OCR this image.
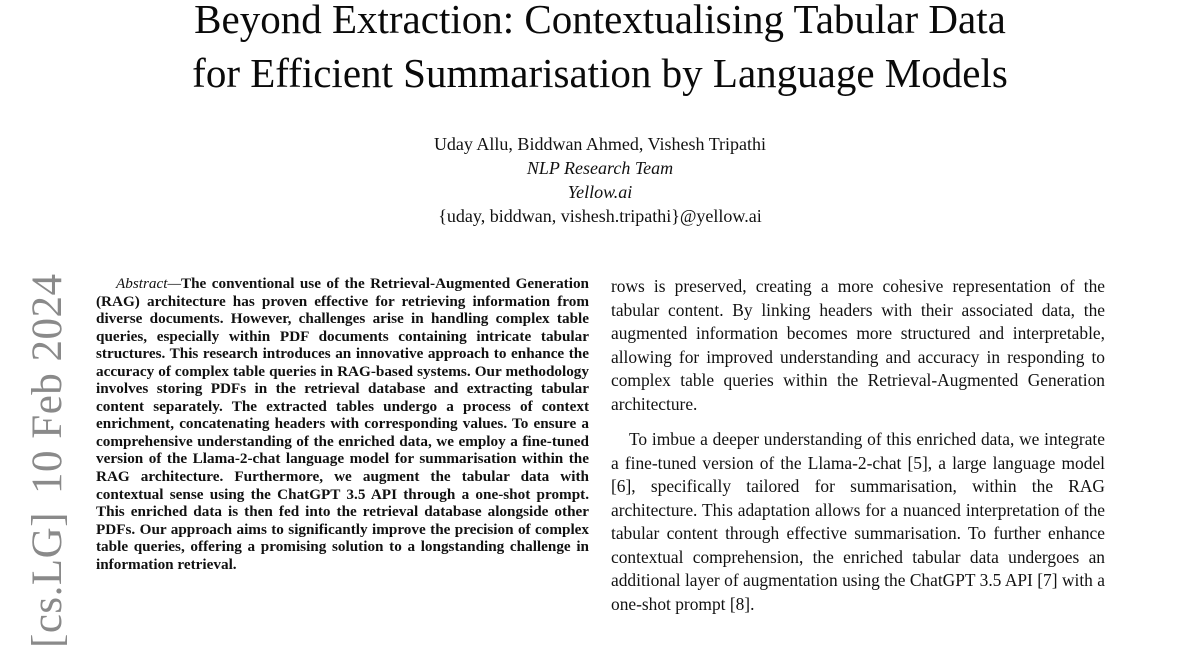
Beyond Extraction: Contextualising Tabular Data
for Efficient Summarisation by Language Models
Uday Allu, Biddwan Ahmed, Vishesh Tripathi
NLP Research Team
Yellow.ai
{uday, biddwan, vishesh.tripathi}@yellow.ai
[cs.LG]10 Feb 2024	Abstract—The conventional use of the Retrieval-Augmented Generation (RAG) architecture has proven effective for retrieving information from diverse documents. However, challenges arise in handling complex table queries, especially within PDF documents containing intricate tabular structures. This research introduces an innovative approach to enhance the accuracy of complex table queries in RAG-based systems. Our methodology involves storing PDFs in the retrieval database and extracting tabular content separately. The extracted tables undergo a process of context enrichment, concatenating headers with corresponding values. To ensure a comprehensive understanding of the enriched data, we employ a fine-tuned version of the Llama-2-chat language model for summarisation within the RAG architecture. Furthermore, we augment the tabular data with contextual sense using the ChatGPT 3.5 API through a one-shot prompt. This enriched data is then fed into the retrieval database alongside other PDFs. Our approach aims to significantly improve the precision of complex table queries, offering a promising solution to a longstanding challenge in information retrieval.

rows is preserved, creating a more cohesive representation of the tabular content. By linking headers with their associated data, the augmented information becomes more structured and interpretable, allowing for improved understanding and accuracy in responding to complex table queries within the Retrieval-Augmented Generation architecture.

To imbue a deeper understanding of this enriched data, we integrate a fine-tuned version of the Llama-2-chat [5], a large language model [6], specifically tailored for summarisation, within the RAG architecture. This adaptation allows for a nuanced interpretation of the tabular content through effective summarisation. To further enhance contextual comprehension, the enriched tabular data undergoes an additional layer of augmentation using the ChatGPT 3.5 API [7] with a one-shot prompt [8].
